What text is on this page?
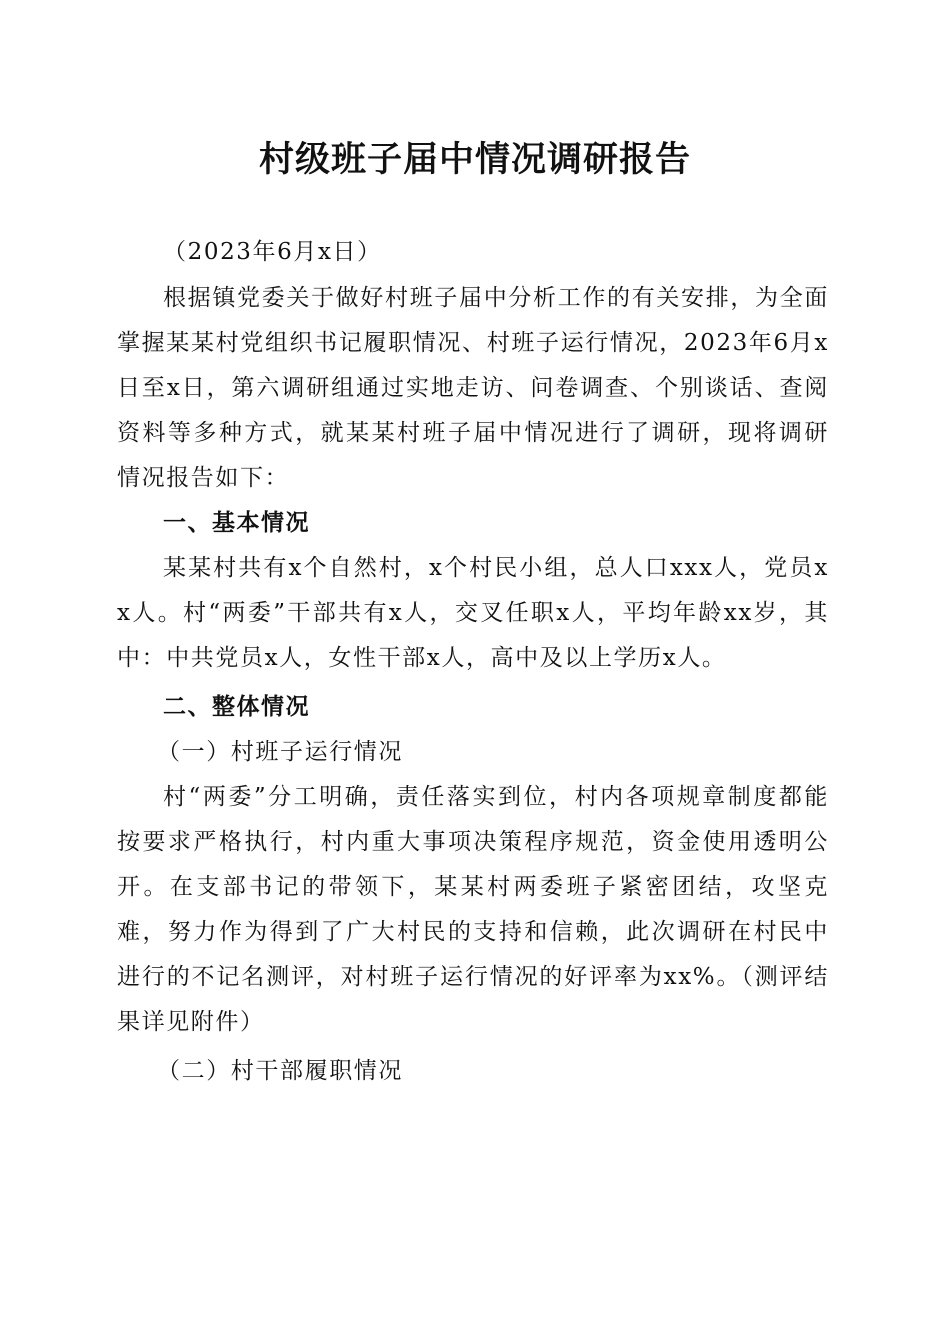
村级班子届中情况调研报告

（2023年6月x日）

根据镇党委关于做好村班子届中分析工作的有关安排，为全面掌握某某村党组织书记履职情况、村班子运行情况，2023年6月x日至x日，第六调研组通过实地走访、问卷调查、个别谈话、查阅资料等多种方式，就某某村班子届中情况进行了调研，现将调研情况报告如下：

一、基本情况

某某村共有x个自然村，x个村民小组，总人口xxx人，党员xx人。村“两委”干部共有x人，交叉任职x人，平均年龄xx岁，其中：中共党员x人，女性干部x人，高中及以上学历x人。

二、整体情况
（一）村班子运行情况

村“两委”分工明确，责任落实到位，村内各项规章制度都能按要求严格执行，村内重大事项决策程序规范，资金使用透明公开。在支部书记的带领下，某某村两委班子紧密团结，攻坚克难，努力作为得到了广大村民的支持和信赖，此次调研在村民中进行的不记名测评，对村班子运行情况的好评率为xx%。（测评结果详见附件）

（二）村干部履职情况
